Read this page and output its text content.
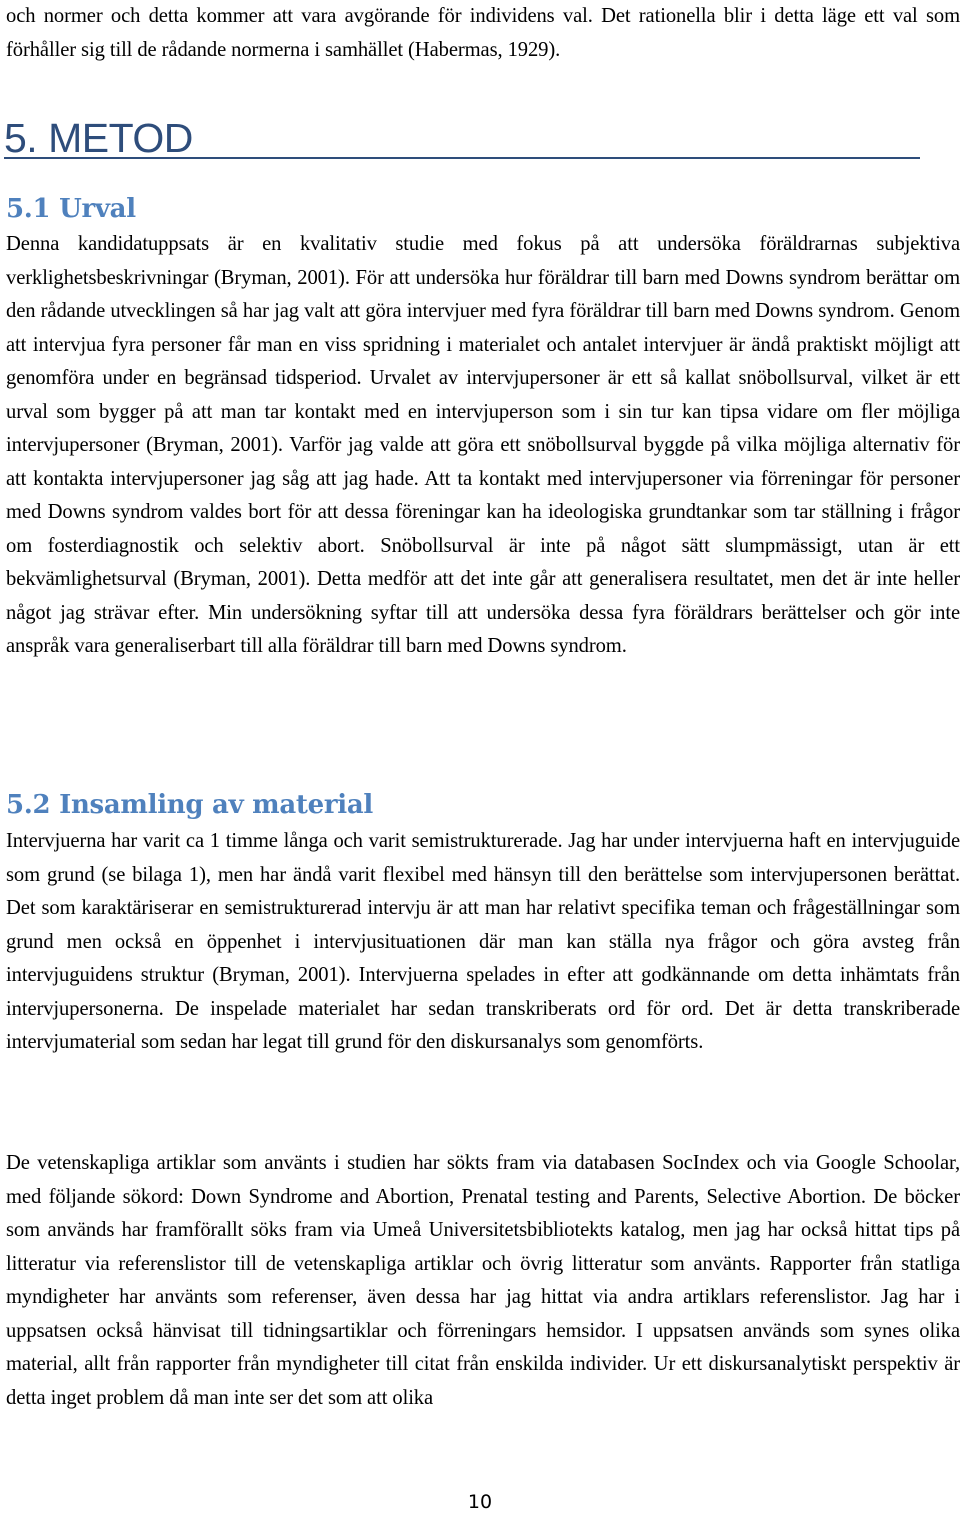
och normer och detta kommer att vara avgörande för individens val. Det rationella blir i detta läge ett val som förhåller sig till de rådande normerna i samhället (Habermas, 1929).

5. METOD
5.1 Urval

Denna kandidatuppsats är en kvalitativ studie med fokus på att undersöka föräldrarnas subjektiva verklighetsbeskrivningar (Bryman, 2001). För att undersöka hur föräldrar till barn med Downs syndrom berättar om den rådande utvecklingen så har jag valt att göra intervjuer med fyra föräldrar till barn med Downs syndrom. Genom att intervjua fyra personer får man en viss spridning i materialet och antalet intervjuer är ändå praktiskt möjligt att genomföra under en begränsad tidsperiod. Urvalet av intervjupersoner är ett så kallat snöbollsurval, vilket är ett urval som bygger på att man tar kontakt med en intervjuperson som i sin tur kan tipsa vidare om fler möjliga intervjupersoner (Bryman, 2001). Varför jag valde att göra ett snöbollsurval byggde på vilka möjliga alternativ för att kontakta intervjupersoner jag såg att jag hade. Att ta kontakt med intervjupersoner via förreningar för personer med Downs syndrom valdes bort för att dessa föreningar kan ha ideologiska grundtankar som tar ställning i frågor om fosterdiagnostik och selektiv abort. Snöbollsurval är inte på något sätt slumpmässigt, utan är ett bekvämlighetsurval (Bryman, 2001). Detta medför att det inte går att generalisera resultatet, men det är inte heller något jag strävar efter. Min undersökning syftar till att undersöka dessa fyra föräldrars berättelser och gör inte anspråk vara generaliserbart till alla föräldrar till barn med Downs syndrom.

5.2 Insamling av material

Intervjuerna har varit ca 1 timme långa och varit semistrukturerade. Jag har under intervjuerna haft en intervjuguide som grund (se bilaga 1), men har ändå varit flexibel med hänsyn till den berättelse som intervjupersonen berättat. Det som karaktäriserar en semistrukturerad intervju är att man har relativt specifika teman och frågeställningar som grund men också en öppenhet i intervjusituationen där man kan ställa nya frågor och göra avsteg från intervjuguidens struktur (Bryman, 2001). Intervjuerna spelades in efter att godkännande om detta inhämtats från intervjupersonerna. De inspelade materialet har sedan transkriberats ord för ord. Det är detta transkriberade intervjumaterial som sedan har legat till grund för den diskursanalys som genomförts.

De vetenskapliga artiklar som använts i studien har sökts fram via databasen SocIndex och via Google Schoolar, med följande sökord: Down Syndrome and Abortion, Prenatal testing and Parents, Selective Abortion. De böcker som används har framförallt söks fram via Umeå Universitetsbibliotekts katalog, men jag har också hittat tips på litteratur via referenslistor till de vetenskapliga artiklar och övrig litteratur som använts. Rapporter från statliga myndigheter har använts som referenser, även dessa har jag hittat via andra artiklars referenslistor. Jag har i uppsatsen också hänvisat till tidningsartiklar och förreningars hemsidor. I uppsatsen används som synes olika material, allt från rapporter från myndigheter till citat från enskilda individer. Ur ett diskursanalytiskt perspektiv är detta inget problem då man inte ser det som att olika

10
